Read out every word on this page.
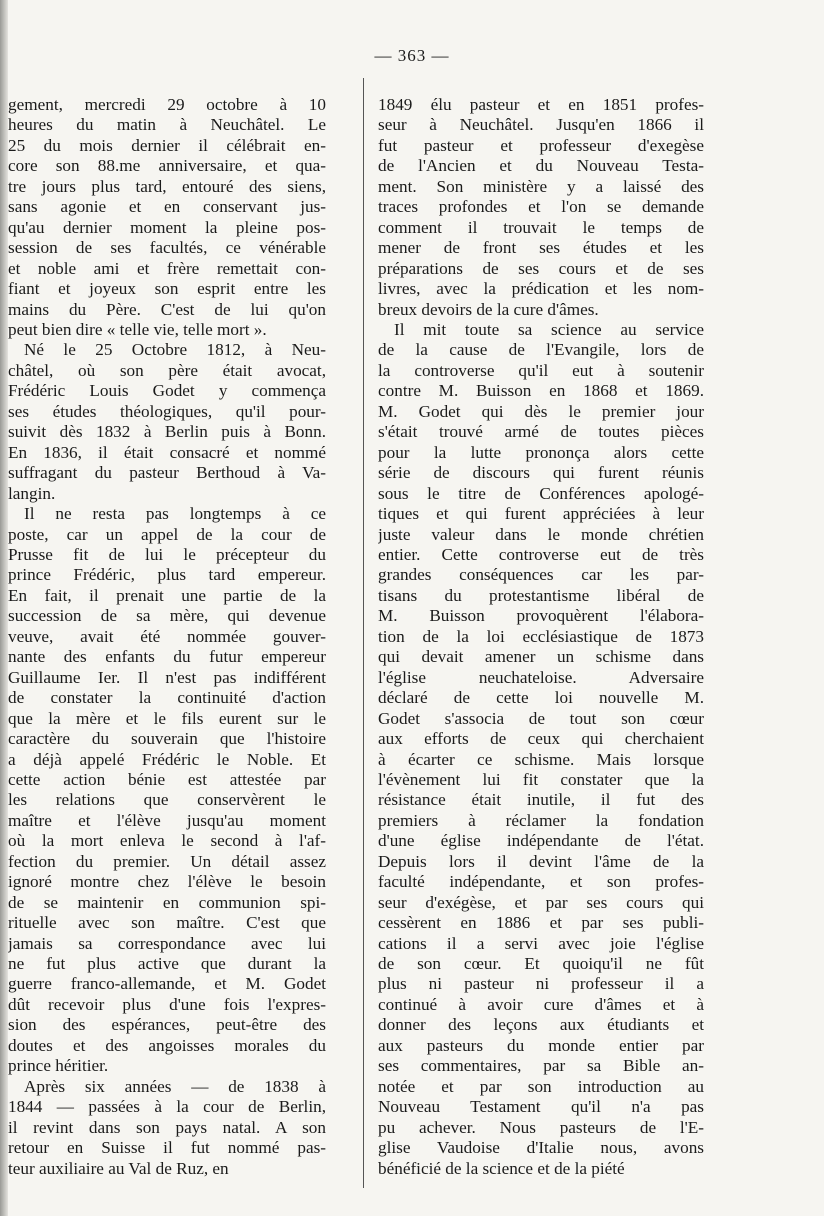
— 363 —
gement, mercredi 29 octobre à 10
heures du matin à Neuchâtel. Le
25 du mois dernier il célébrait en-
core son 88.me anniversaire, et qua-
tre jours plus tard, entouré des siens,
sans agonie et en conservant jus-
qu'au dernier moment la pleine pos-
session de ses facultés, ce vénérable
et noble ami et frère remettait con-
fiant et joyeux son esprit entre les
mains du Père. C'est de lui qu'on
peut bien dire « telle vie, telle mort ».
Né le 25 Octobre 1812, à Neu-
châtel, où son père était avocat,
Frédéric Louis Godet y commença
ses études théologiques, qu'il pour-
suivit dès 1832 à Berlin puis à Bonn.
En 1836, il était consacré et nommé
suffragant du pasteur Berthoud à Va-
langin.
Il ne resta pas longtemps à ce
poste, car un appel de la cour de
Prusse fit de lui le précepteur du
prince Frédéric, plus tard empereur.
En fait, il prenait une partie de la
succession de sa mère, qui devenue
veuve, avait été nommée gouver-
nante des enfants du futur empereur
Guillaume Ier. Il n'est pas indifférent
de constater la continuité d'action
que la mère et le fils eurent sur le
caractère du souverain que l'histoire
a déjà appelé Frédéric le Noble. Et
cette action bénie est attestée par
les relations que conservèrent le
maître et l'élève jusqu'au moment
où la mort enleva le second à l'af-
fection du premier. Un détail assez
ignoré montre chez l'élève le besoin
de se maintenir en communion spi-
rituelle avec son maître. C'est que
jamais sa correspondance avec lui
ne fut plus active que durant la
guerre franco-allemande, et M. Godet
dût recevoir plus d'une fois l'expres-
sion des espérances, peut-être des
doutes et des angoisses morales du
prince héritier.
Après six années — de 1838 à
1844 — passées à la cour de Berlin,
il revint dans son pays natal. A son
retour en Suisse il fut nommé pas-
teur auxiliaire au Val de Ruz, en
1849 élu pasteur et en 1851 profes-
seur à Neuchâtel. Jusqu'en 1866 il
fut pasteur et professeur d'exegèse
de l'Ancien et du Nouveau Testa-
ment. Son ministère y a laissé des
traces profondes et l'on se demande
comment il trouvait le temps de
mener de front ses études et les
préparations de ses cours et de ses
livres, avec la prédication et les nom-
breux devoirs de la cure d'âmes.
Il mit toute sa science au service
de la cause de l'Evangile, lors de
la controverse qu'il eut à soutenir
contre M. Buisson en 1868 et 1869.
M. Godet qui dès le premier jour
s'était trouvé armé de toutes pièces
pour la lutte prononça alors cette
série de discours qui furent réunis
sous le titre de Conférences apologé-
tiques et qui furent appréciées à leur
juste valeur dans le monde chrétien
entier. Cette controverse eut de très
grandes conséquences car les par-
tisans du protestantisme libéral de
M. Buisson provoquèrent l'élabora-
tion de la loi ecclésiastique de 1873
qui devait amener un schisme dans
l'église neuchateloise. Adversaire
déclaré de cette loi nouvelle M.
Godet s'associa de tout son cœur
aux efforts de ceux qui cherchaient
à écarter ce schisme. Mais lorsque
l'évènement lui fit constater que la
résistance était inutile, il fut des
premiers à réclamer la fondation
d'une église indépendante de l'état.
Depuis lors il devint l'âme de la
faculté indépendante, et son profes-
seur d'exégèse, et par ses cours qui
cessèrent en 1886 et par ses publi-
cations il a servi avec joie l'église
de son cœur. Et quoiqu'il ne fût
plus ni pasteur ni professeur il a
continué à avoir cure d'âmes et à
donner des leçons aux étudiants et
aux pasteurs du monde entier par
ses commentaires, par sa Bible an-
notée et par son introduction au
Nouveau Testament qu'il n'a pas
pu achever. Nous pasteurs de l'E-
glise Vaudoise d'Italie nous, avons
bénéficié de la science et de la piété
